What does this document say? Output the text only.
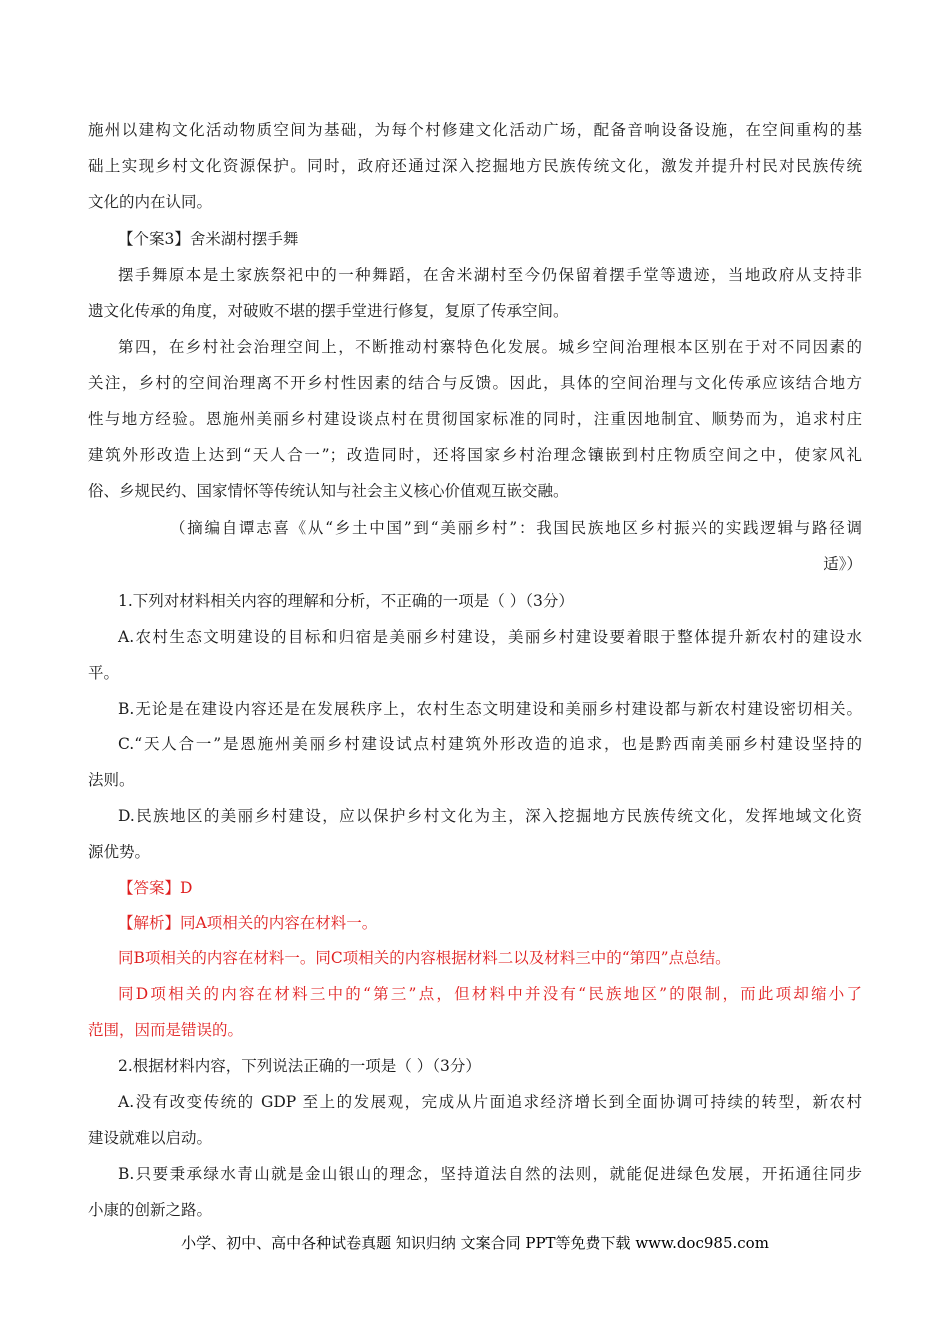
施州以建构文化活动物质空间为基础，为每个村修建文化活动广场，配备音响设备设施，在空间重构的基
础上实现乡村文化资源保护。同时，政府还通过深入挖掘地方民族传统文化，激发并提升村民对民族传统
文化的内在认同。
【个案3】舍米湖村摆手舞
摆手舞原本是土家族祭祀中的一种舞蹈，在舍米湖村至今仍保留着摆手堂等遗迹，当地政府从支持非
遗文化传承的角度，对破败不堪的摆手堂进行修复，复原了传承空间。
第四，在乡村社会治理空间上，不断推动村寨特色化发展。城乡空间治理根本区别在于对不同因素的
关注，乡村的空间治理离不开乡村性因素的结合与反馈。因此，具体的空间治理与文化传承应该结合地方
性与地方经验。恩施州美丽乡村建设谈点村在贯彻国家标准的同时，注重因地制宜、顺势而为，追求村庄
建筑外形改造上达到“天人合一”；改造同时，还将国家乡村治理念镶嵌到村庄物质空间之中，使家风礼
俗、乡规民约、国家情怀等传统认知与社会主义核心价值观互嵌交融。
（摘编自谭志喜《从“乡土中国”到“美丽乡村”：我国民族地区乡村振兴的实践逻辑与路径调
适》）
1.下列对材料相关内容的理解和分析，不正确的一项是（ ）（3分）
A.农村生态文明建设的目标和归宿是美丽乡村建设，美丽乡村建设要着眼于整体提升新农村的建设水
平。
B.无论是在建设内容还是在发展秩序上，农村生态文明建设和美丽乡村建设都与新农村建设密切相关。
C.“天人合一”是恩施州美丽乡村建设试点村建筑外形改造的追求，也是黔西南美丽乡村建设坚持的
法则。
D.民族地区的美丽乡村建设，应以保护乡村文化为主，深入挖掘地方民族传统文化，发挥地域文化资
源优势。
【答案】D
【解析】同A项相关的内容在材料一。
同B项相关的内容在材料一。同C项相关的内容根据材料二以及材料三中的“第四”点总结。
同D项相关的内容在材料三中的“第三”点，但材料中并没有“民族地区”的限制，而此项却缩小了
范围，因而是错误的。
2.根据材料内容，下列说法正确的一项是（ ）（3分）
A.没有改变传统的 GDP 至上的发展观，完成从片面追求经济增长到全面协调可持续的转型，新农村
建设就难以启动。
B.只要秉承绿水青山就是金山银山的理念，坚持道法自然的法则，就能促进绿色发展，开拓通往同步
小康的创新之路。
小学、初中、高中各种试卷真题 知识归纳 文案合同 PPT等免费下载 www.doc985.com
